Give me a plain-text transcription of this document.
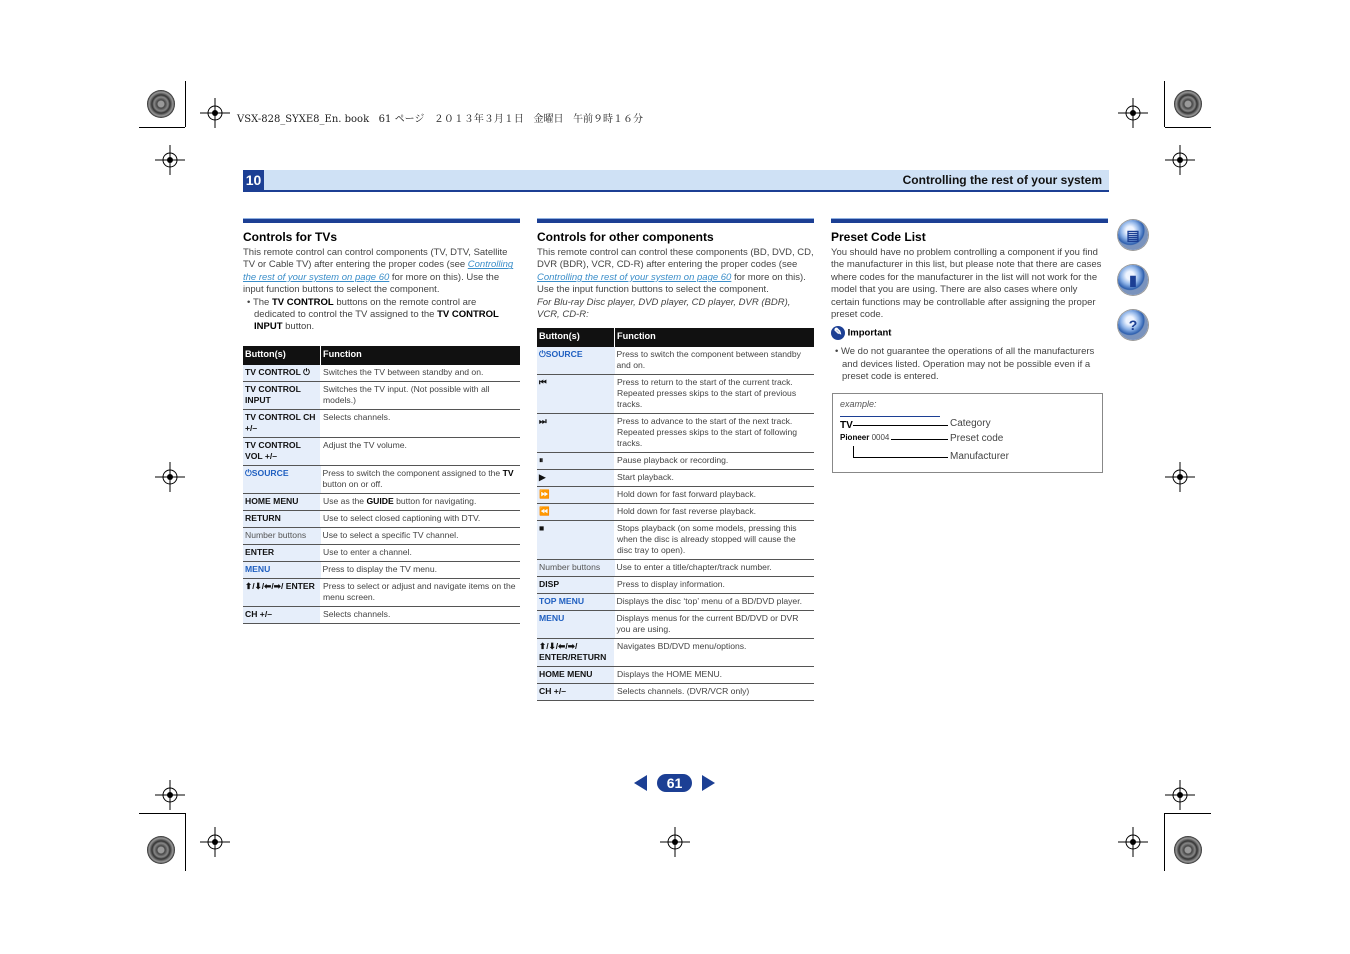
VSX-828_SYXE8_En. book   61 ページ   ２０１３年３月１日   金曜日   午前９時１６分
10	Controlling the rest of your system
Controls for TVs

This remote control can control components (TV, DTV, Satellite TV or Cable TV) after entering the proper codes (see Controlling the rest of your system on page 60 for more on this). Use the input function buttons to select the component.

• The TV CONTROL buttons on the remote control are dedicated to control the TV assigned to the TV CONTROL INPUT button.

Button(s)	Function
TV CONTROL ⏻	Switches the TV between standby and on.
TV CONTROL INPUT	Switches the TV input. (Not possible with all models.)
TV CONTROL CH +/–	Selects channels.
TV CONTROL VOL +/–	Adjust the TV volume.
⏻SOURCE	Press to switch the component assigned to the TV button on or off.
HOME MENU	Use as the GUIDE button for navigating.
RETURN	Use to select closed captioning with DTV.
Number buttons	Use to select a specific TV channel.
ENTER	Use to enter a channel.
MENU	Press to display the TV menu.
⬆/⬇/⬅/➡/ ENTER	Press to select or adjust and navigate items on the menu screen.
CH +/–	Selects channels.
Controls for other components

This remote control can control these components (BD, DVD, CD, DVR (BDR), VCR, CD-R) after entering the proper codes (see Controlling the rest of your system on page 60 for more on this). Use the input function buttons to select the component.

For Blu-ray Disc player, DVD player, CD player, DVR (BDR), VCR, CD-R:

Button(s)	Function
⏻SOURCE	Press to switch the component between standby and on.
⏮	Press to return to the start of the current track. Repeated presses skips to the start of previous tracks.
⏭	Press to advance to the start of the next track. Repeated presses skips to the start of following tracks.
⏸	Pause playback or recording.
▶	Start playback.
⏩	Hold down for fast forward playback.
⏪	Hold down for fast reverse playback.
■	Stops playback (on some models, pressing this when the disc is already stopped will cause the disc tray to open).
Number buttons	Use to enter a title/chapter/track number.
DISP	Press to display information.
TOP MENU	Displays the disc ‘top’ menu of a BD/DVD player.
MENU	Displays menus for the current BD/DVD or DVR you are using.
⬆/⬇/⬅/➡/ ENTER/RETURN	Navigates BD/DVD menu/options.
HOME MENU	Displays the HOME MENU.
CH +/–	Selects channels. (DVR/VCR only)
Preset Code List

You should have no problem controlling a component if you find the manufacturer in this list, but please note that there are cases where codes for the manufacturer in the list will not work for the model that you are using. There are also cases where only certain functions may be controllable after assigning the proper preset code.

✎ Important

• We do not guarantee the operations of all the manufacturers and devices listed. Operation may not be possible even if a preset code is entered.

example:
TV
Pioneer 0004
Category
Preset code
Manufacturer
▤
▮
?
61
